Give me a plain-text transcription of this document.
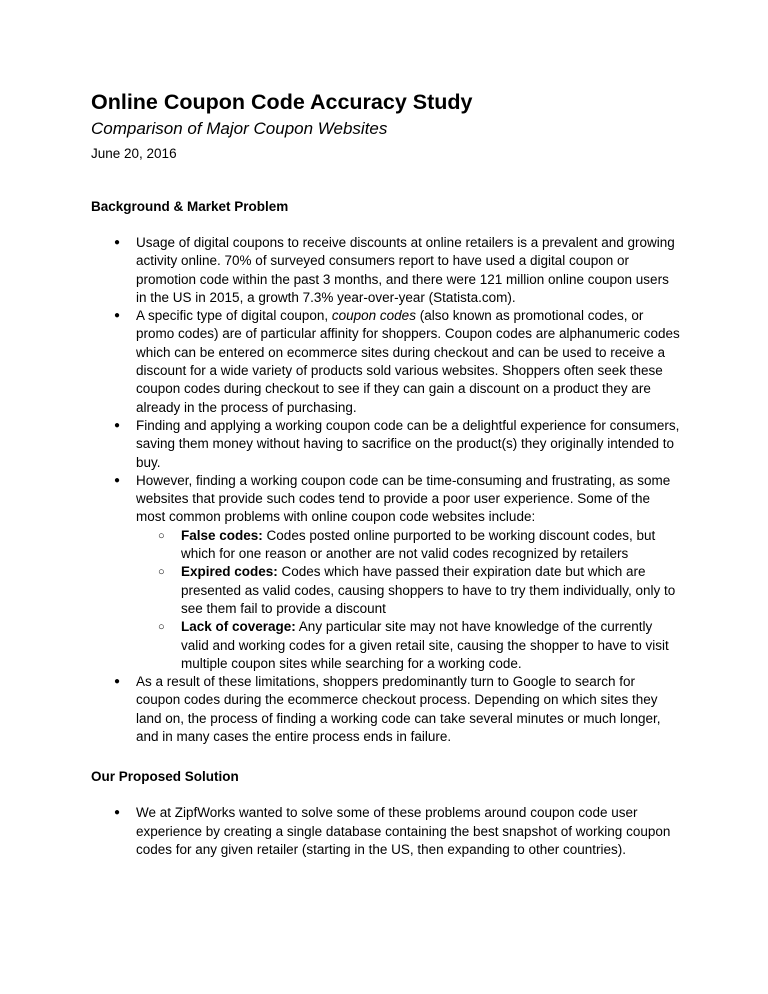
Online Coupon Code Accuracy Study
Comparison of Major Coupon Websites
June 20, 2016
Background & Market Problem
● Usage of digital coupons to receive discounts at online retailers is a prevalent and growing activity online. 70% of surveyed consumers report to have used a digital coupon or promotion code within the past 3 months, and there were 121 million online coupon users in the US in 2015, a growth 7.3% year-over-year (Statista.com).
● A specific type of digital coupon, coupon codes (also known as promotional codes, or promo codes) are of particular affinity for shoppers. Coupon codes are alphanumeric codes which can be entered on ecommerce sites during checkout and can be used to receive a discount for a wide variety of products sold various websites. Shoppers often seek these coupon codes during checkout to see if they can gain a discount on a product they are already in the process of purchasing.
● Finding and applying a working coupon code can be a delightful experience for consumers, saving them money without having to sacrifice on the product(s) they originally intended to buy.
● However, finding a working coupon code can be time-consuming and frustrating, as some websites that provide such codes tend to provide a poor user experience. Some of the most common problems with online coupon code websites include:
○ False codes: Codes posted online purported to be working discount codes, but which for one reason or another are not valid codes recognized by retailers
○ Expired codes: Codes which have passed their expiration date but which are presented as valid codes, causing shoppers to have to try them individually, only to see them fail to provide a discount
○ Lack of coverage: Any particular site may not have knowledge of the currently valid and working codes for a given retail site, causing the shopper to have to visit multiple coupon sites while searching for a working code.
● As a result of these limitations, shoppers predominantly turn to Google to search for coupon codes during the ecommerce checkout process. Depending on which sites they land on, the process of finding a working code can take several minutes or much longer, and in many cases the entire process ends in failure.
Our Proposed Solution
● We at ZipfWorks wanted to solve some of these problems around coupon code user experience by creating a single database containing the best snapshot of working coupon codes for any given retailer (starting in the US, then expanding to other countries).
